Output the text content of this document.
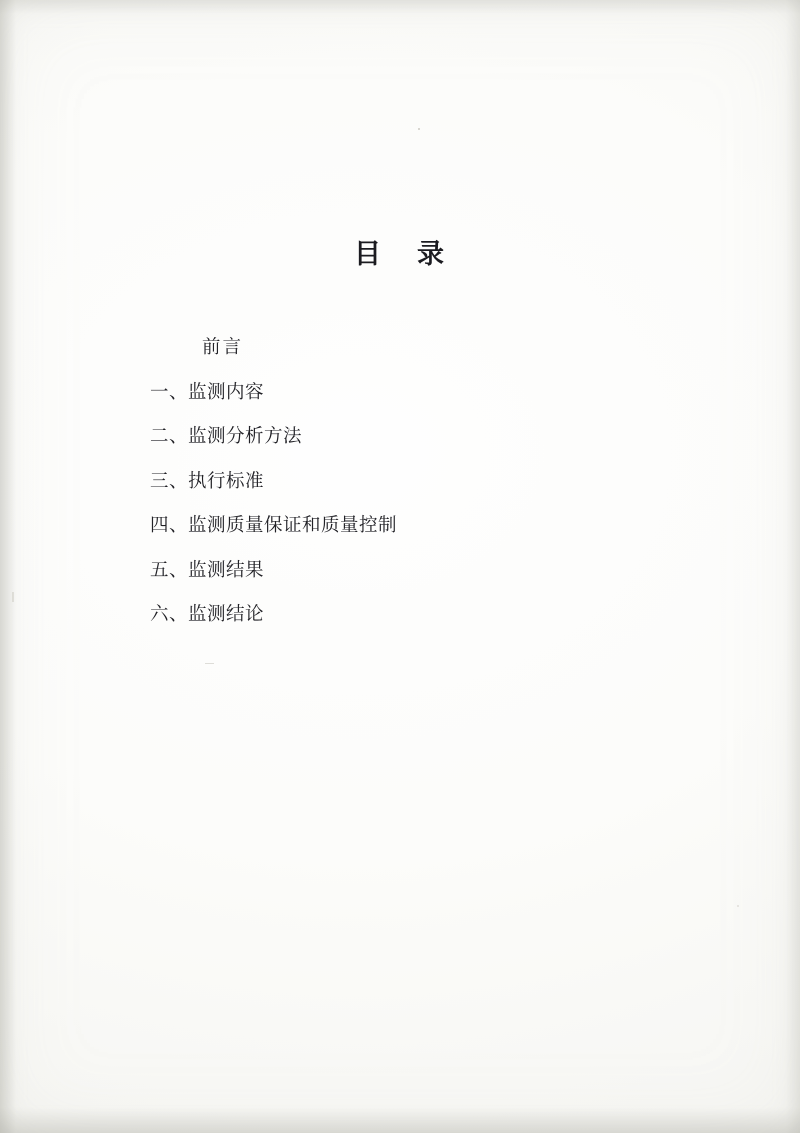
目 录
前言
一、监测内容
二、监测分析方法
三、执行标准
四、监测质量保证和质量控制
五、监测结果
六、监测结论
